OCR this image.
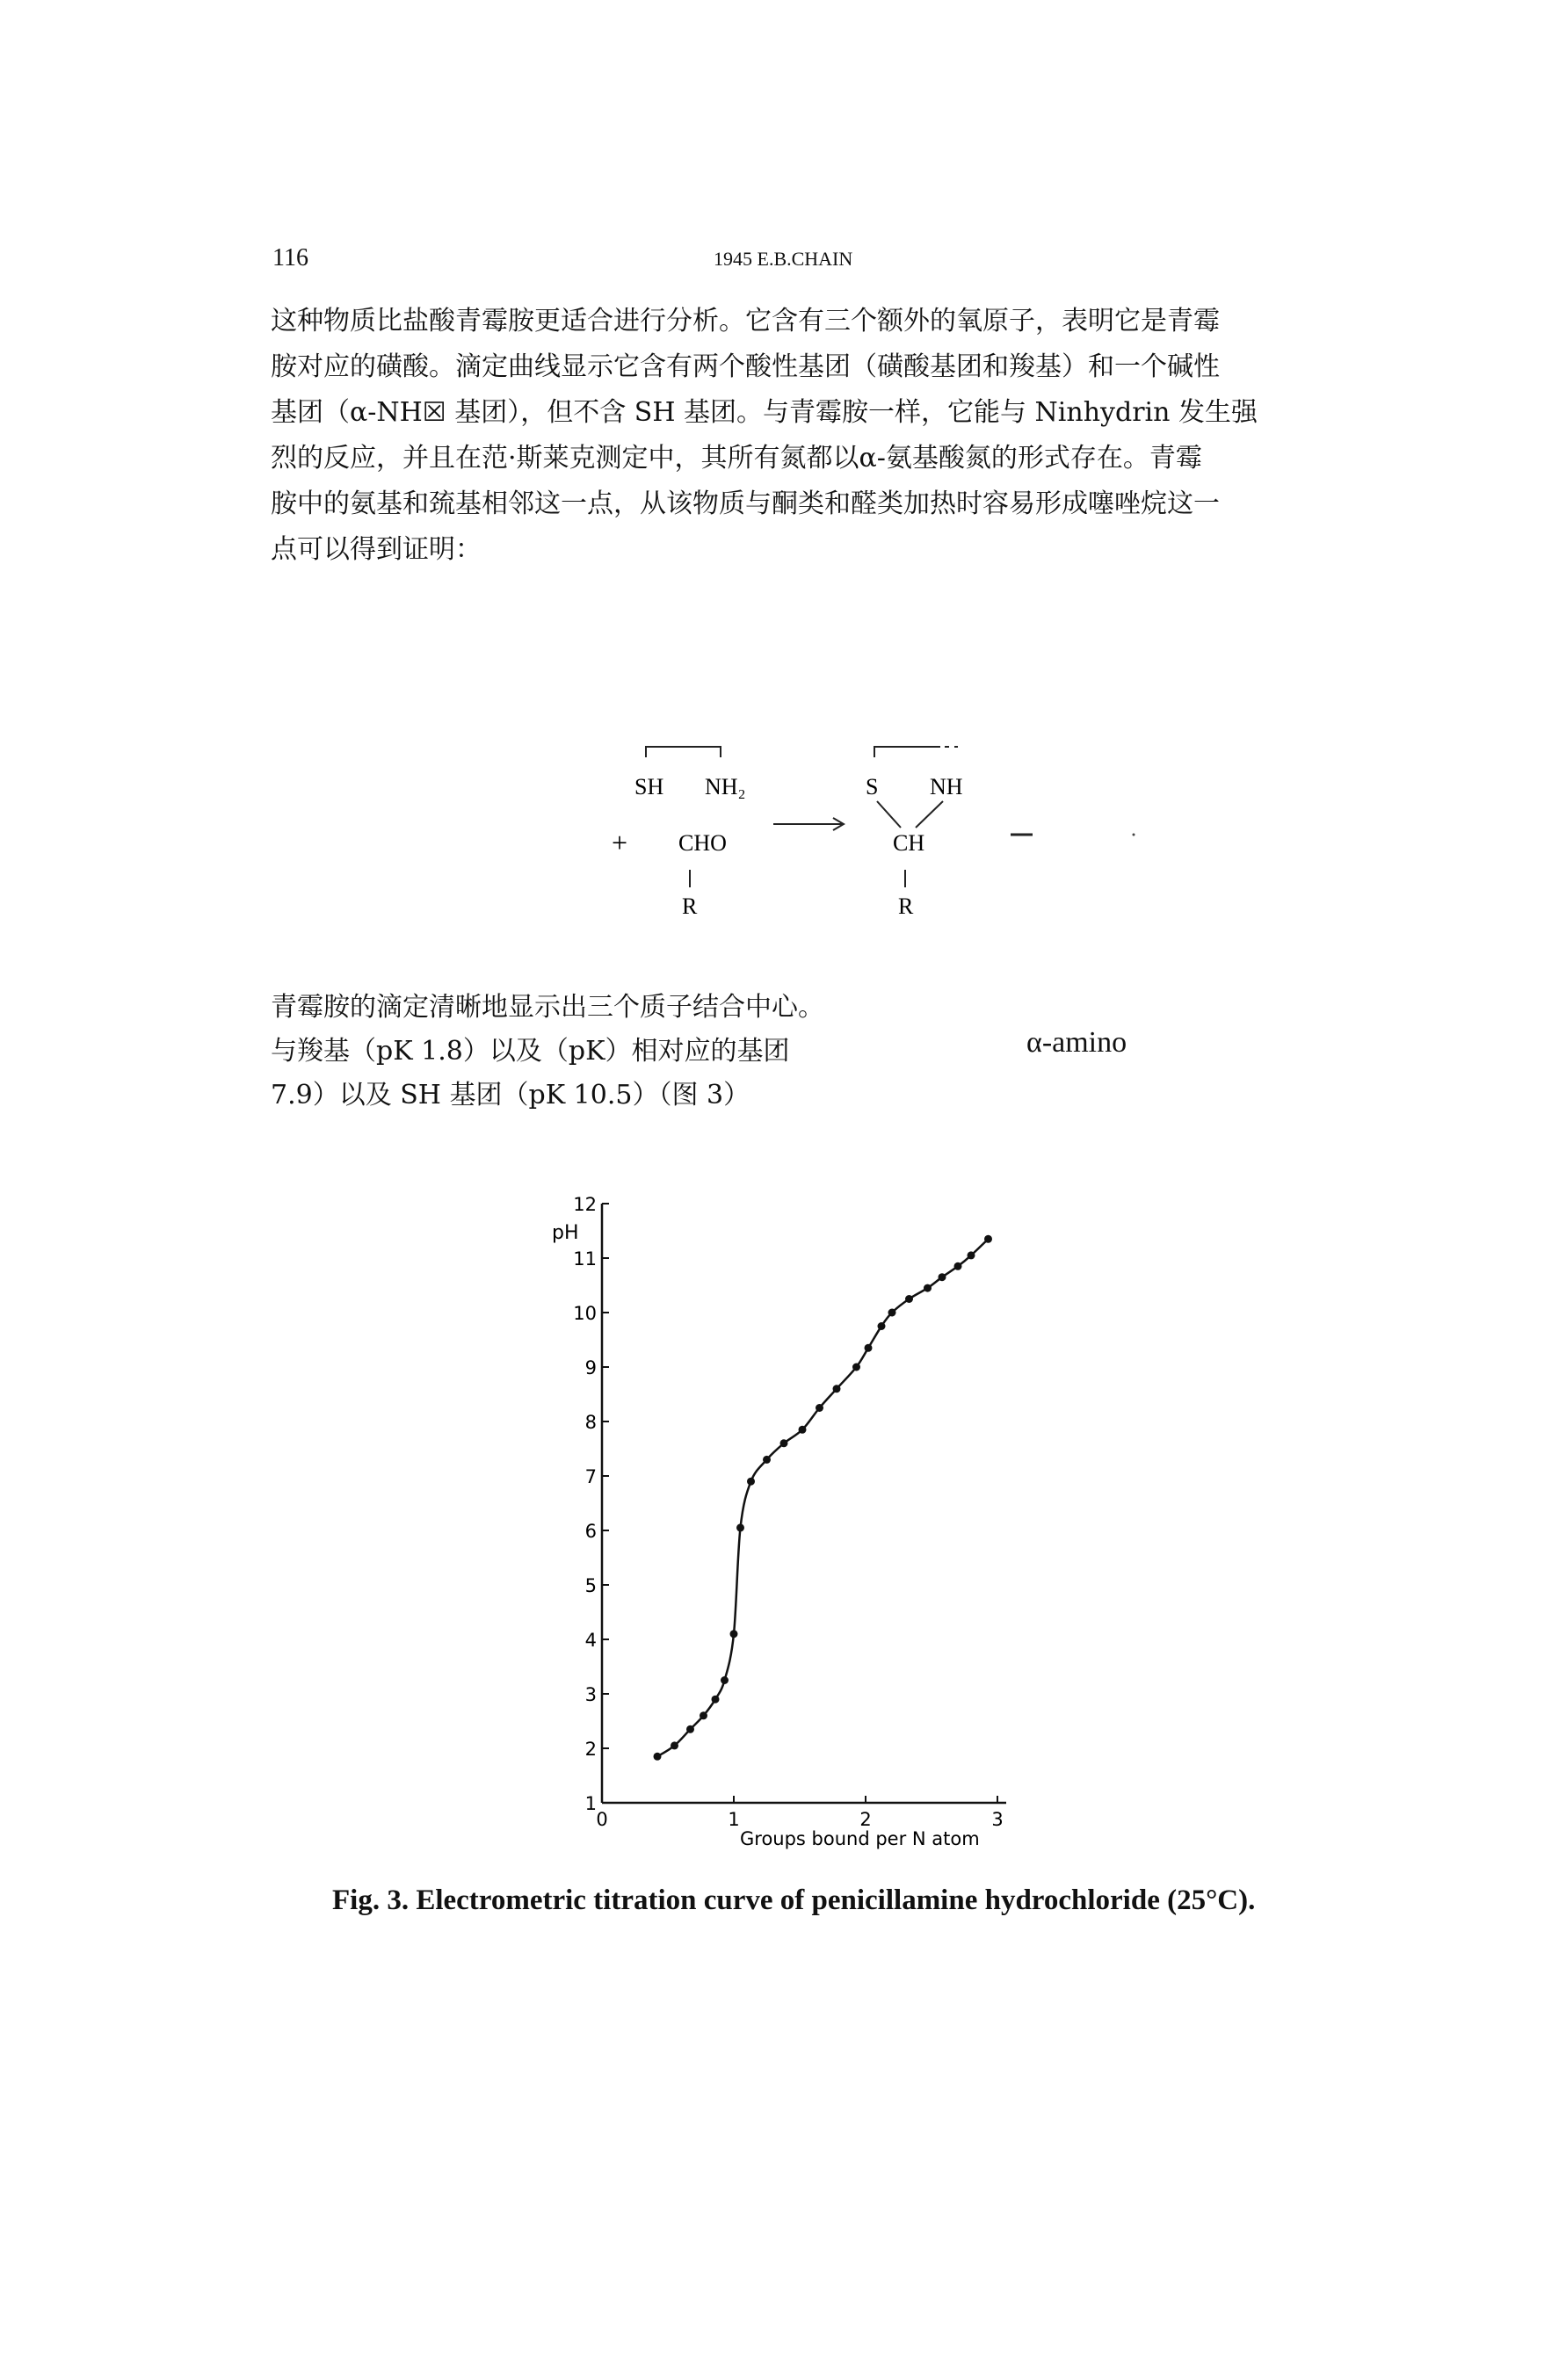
116	1945 E.B.CHAIN

这种物质比盐酸青霉胺更适合进行分析。它含有三个额外的氧原子，表明它是青霉

胺对应的磺酸。滴定曲线显示它含有两个酸性基团（磺酸基团和羧基）和一个碱性

基团（α-NH☒ 基团），但不含 SH 基团。与青霉胺一样，它能与 Ninhydrin 发生强

烈的反应，并且在范·斯莱克测定中，其所有氮都以α-氨基酸氮的形式存在。青霉

胺中的氨基和巯基相邻这一点，从该物质与酮类和醛类加热时容易形成噻唑烷这一

点可以得到证明：

SH NH₂
+ CHO
R
S NH
CH
R

青霉胺的滴定清晰地显示出三个质子结合中心。

与羧基（pK 1.8）以及（pK）相对应的基团

7.9）以及 SH 基团（pK 10.5）（图 3）

α-amino
1
2
3
4
5
6
7
8
9
10
11
12
0	1	2	3
pH
Groups bound per N atom
Fig. 3. Electrometric titration curve of penicillamine hydrochloride (25°C).
